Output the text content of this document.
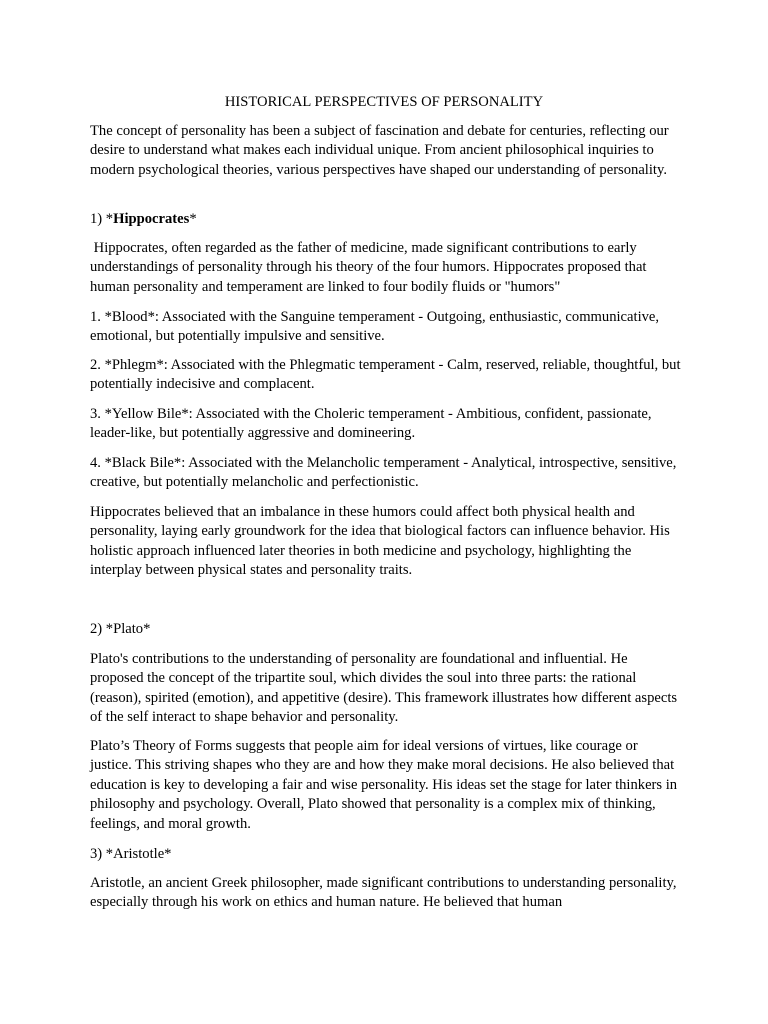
HISTORICAL PERSPECTIVES OF PERSONALITY

The concept of personality has been a subject of fascination and debate for centuries, reflecting our desire to understand what makes each individual unique. From ancient philosophical inquiries to modern psychological theories, various perspectives have shaped our understanding of personality.

1) *Hippocrates*

Hippocrates, often regarded as the father of medicine, made significant contributions to early understandings of personality through his theory of the four humors. Hippocrates proposed that human personality and temperament are linked to four bodily fluids or "humors"

1. *Blood*: Associated with the Sanguine temperament - Outgoing, enthusiastic, communicative, emotional, but potentially impulsive and sensitive.

2. *Phlegm*: Associated with the Phlegmatic temperament - Calm, reserved, reliable, thoughtful, but potentially indecisive and complacent.

3. *Yellow Bile*: Associated with the Choleric temperament - Ambitious, confident, passionate, leader-like, but potentially aggressive and domineering.

4. *Black Bile*: Associated with the Melancholic temperament - Analytical, introspective, sensitive, creative, but potentially melancholic and perfectionistic.

Hippocrates believed that an imbalance in these humors could affect both physical health and personality, laying early groundwork for the idea that biological factors can influence behavior. His holistic approach influenced later theories in both medicine and psychology, highlighting the interplay between physical states and personality traits.

2) *Plato*

Plato's contributions to the understanding of personality are foundational and influential. He proposed the concept of the tripartite soul, which divides the soul into three parts: the rational (reason), spirited (emotion), and appetitive (desire). This framework illustrates how different aspects of the self interact to shape behavior and personality.

Plato’s Theory of Forms suggests that people aim for ideal versions of virtues, like courage or justice. This striving shapes who they are and how they make moral decisions. He also believed that education is key to developing a fair and wise personality. His ideas set the stage for later thinkers in philosophy and psychology. Overall, Plato showed that personality is a complex mix of thinking, feelings, and moral growth.

3) *Aristotle*

Aristotle, an ancient Greek philosopher, made significant contributions to understanding personality, especially through his work on ethics and human nature. He believed that human
